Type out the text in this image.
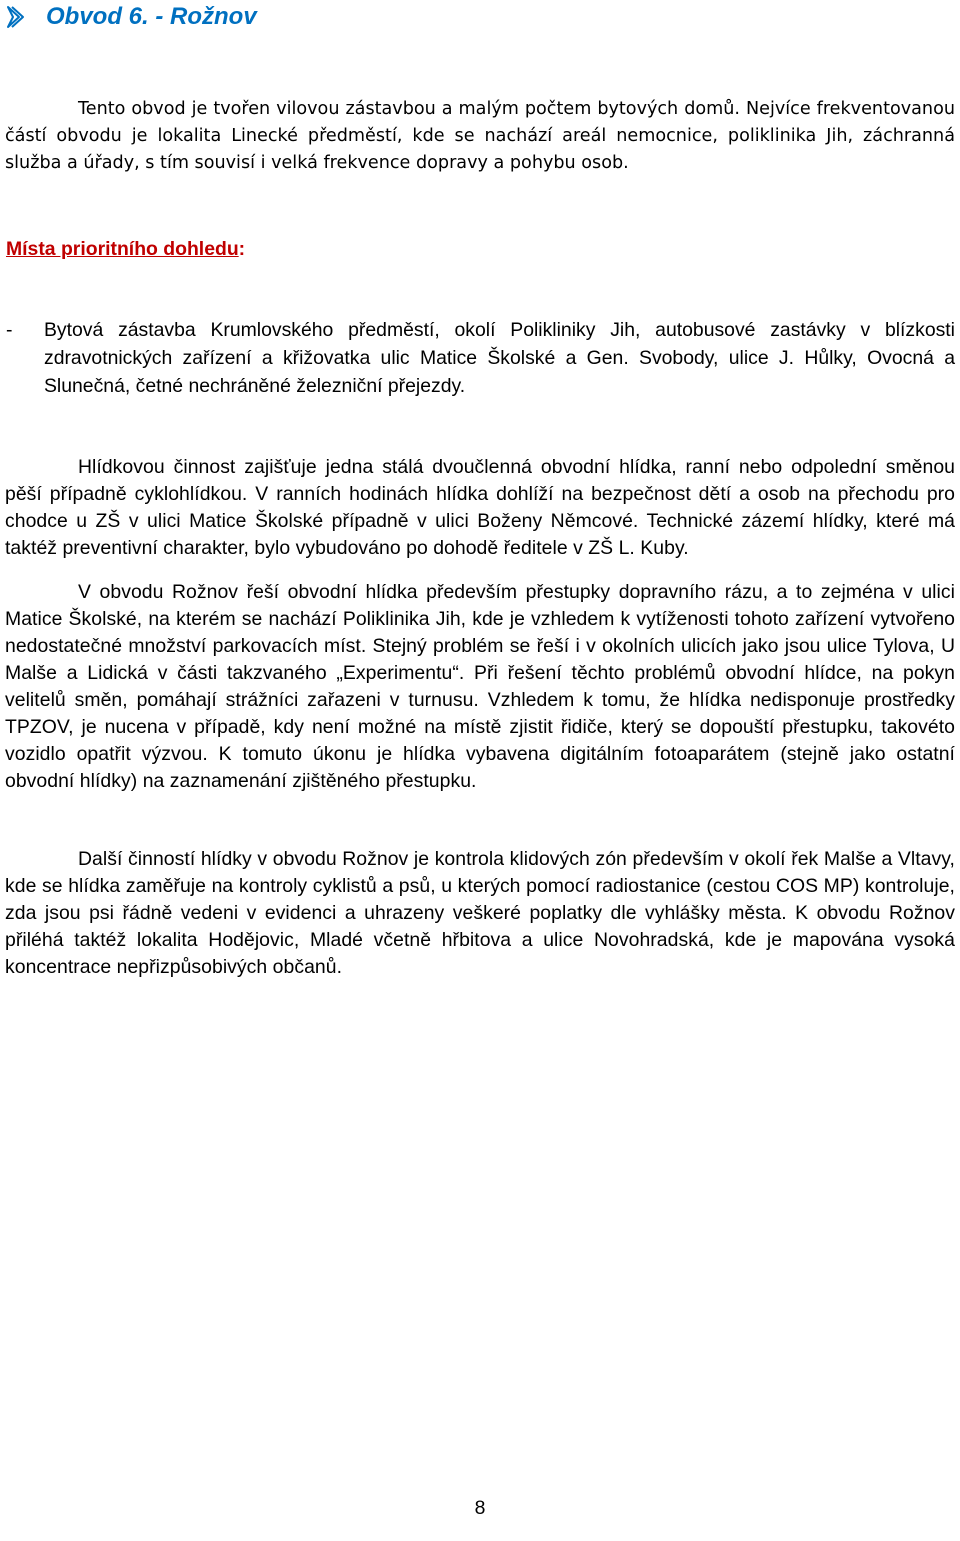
Obvod 6. - Rožnov

Tento obvod je tvořen vilovou zástavbou a malým počtem bytových domů. Nejvíce frekventovanou částí obvodu je lokalita Linecké předměstí, kde se nachází areál nemocnice, poliklinika Jih, záchranná služba a úřady, s tím souvisí i velká frekvence dopravy a pohybu osob.

Místa prioritního dohledu:
-	Bytová zástavba Krumlovského předměstí, okolí Polikliniky Jih, autobusové zastávky v blízkosti zdravotnických zařízení a křižovatka ulic Matice Školské a Gen. Svobody, ulice J. Hůlky, Ovocná a Slunečná, četné nechráněné železniční přejezdy.

Hlídkovou činnost zajišťuje jedna stálá dvoučlenná obvodní hlídka, ranní nebo odpolední směnou pěší případně cyklohlídkou. V ranních hodinách hlídka dohlíží na bezpečnost dětí a osob na přechodu pro chodce u ZŠ v ulici Matice Školské případně v ulici Boženy Němcové. Technické zázemí hlídky, které má taktéž preventivní charakter, bylo vybudováno po dohodě ředitele v ZŠ L. Kuby.

V obvodu Rožnov řeší obvodní hlídka především přestupky dopravního rázu, a to zejména v ulici Matice Školské, na kterém se nachází Poliklinika Jih, kde je vzhledem k vytíženosti tohoto zařízení vytvořeno nedostatečné množství parkovacích míst. Stejný problém se řeší i v okolních ulicích jako jsou ulice Tylova, U Malše a Lidická v části takzvaného „Experimentu“. Při řešení těchto problémů obvodní hlídce, na pokyn velitelů směn, pomáhají strážníci zařazeni v turnusu. Vzhledem k tomu, že hlídka nedisponuje prostředky TPZOV, je nucena v případě, kdy není možné na místě zjistit řidiče, který se dopouští přestupku, takovéto vozidlo opatřit výzvou. K tomuto úkonu je hlídka vybavena digitálním fotoaparátem (stejně jako ostatní obvodní hlídky) na zaznamenání zjištěného přestupku.

Další činností hlídky v obvodu Rožnov je kontrola klidových zón především v okolí řek Malše a Vltavy, kde se hlídka zaměřuje na kontroly cyklistů a psů, u kterých pomocí radiostanice (cestou COS MP) kontroluje, zda jsou psi řádně vedeni v evidenci a uhrazeny veškeré poplatky dle vyhlášky města. K obvodu Rožnov přiléhá taktéž lokalita Hodějovic, Mladé včetně hřbitova a ulice Novohradská, kde je mapována vysoká koncentrace nepřizpůsobivých občanů.

8
